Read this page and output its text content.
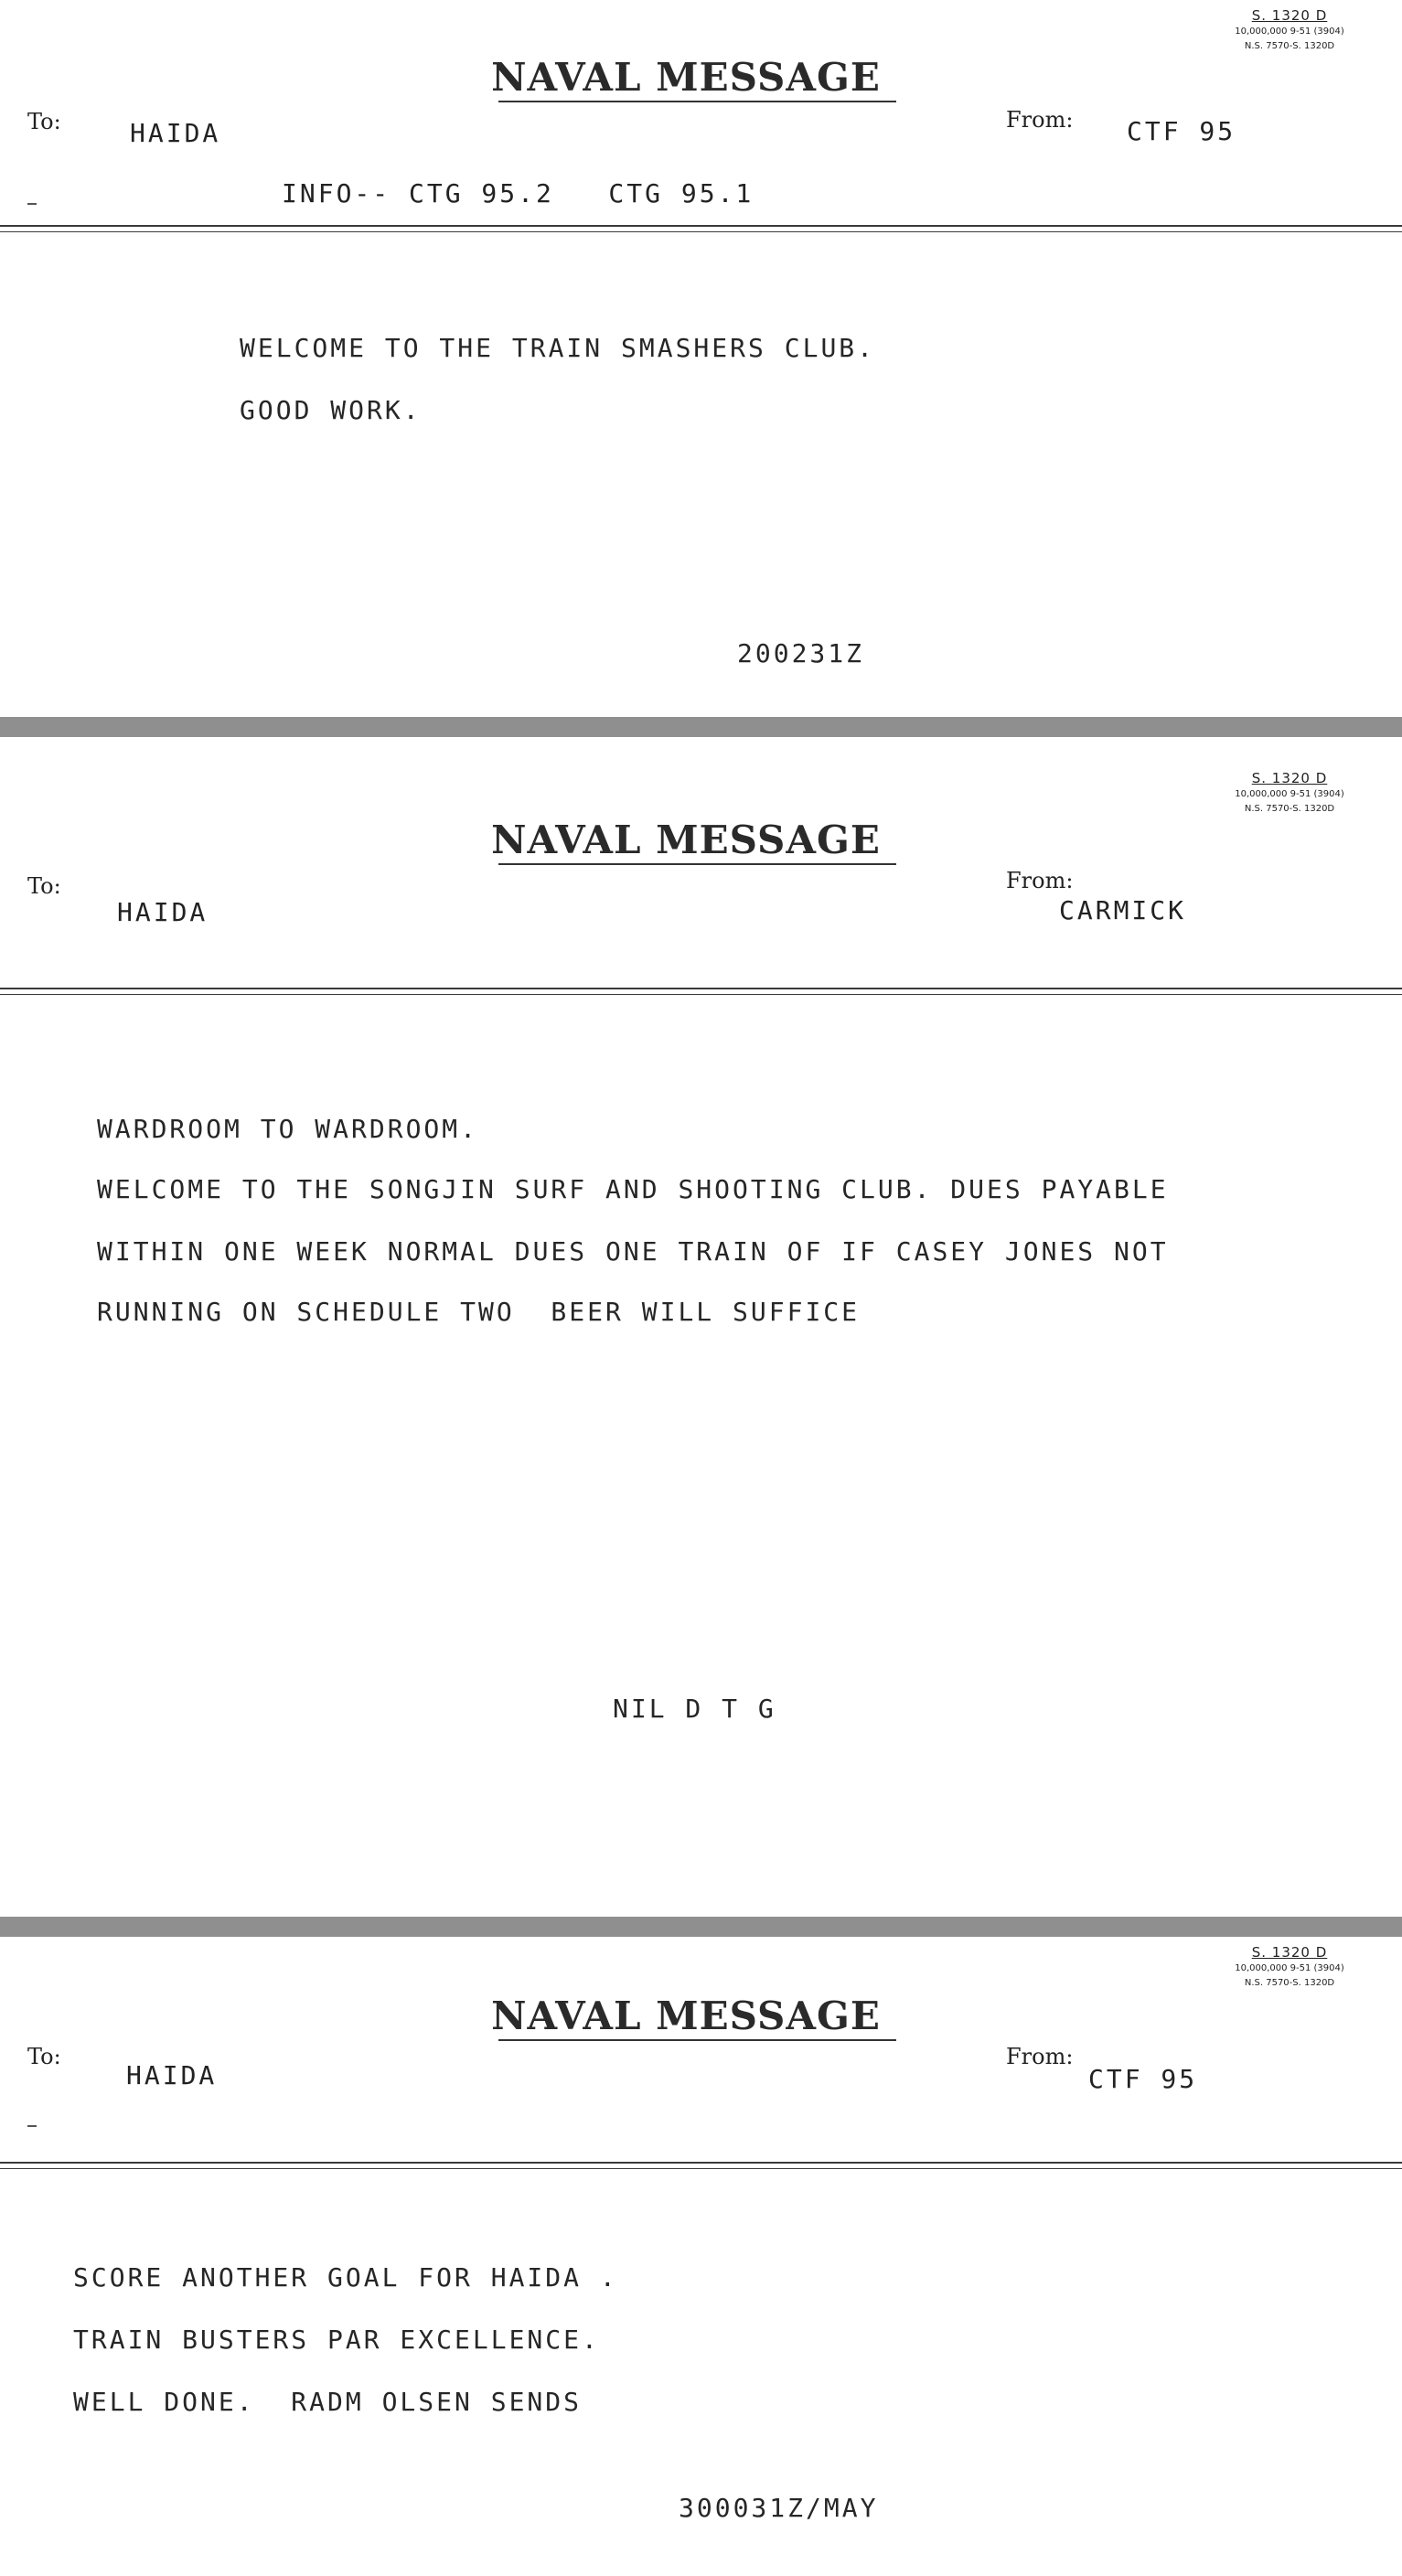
S. 1320 D
10,000,000 9-51 (3904)
N.S. 7570-S. 1320D
NAVAL MESSAGE
To:	HAIDA	From: CTF 95
INFO-- CTG 95.2   CTG 95.1
WELCOME TO THE TRAIN SMASHERS CLUB.
GOOD WORK.
200231Z
S. 1320 D
10,000,000 9-51 (3904)
N.S. 7570-S. 1320D
NAVAL MESSAGE
To:
HAIDA
From:
CARMICK
WARDROOM TO WARDROOM.
WELCOME TO THE SONGJIN SURF AND SHOOTING CLUB. DUES PAYABLE
WITHIN ONE WEEK NORMAL DUES ONE TRAIN OF IF CASEY JONES NOT
RUNNING ON SCHEDULE TWO  BEER WILL SUFFICE
NIL D T G
S. 1320 D
10,000,000 9-51 (3904)
N.S. 7570-S. 1320D
NAVAL MESSAGE
To:
HAIDA
From:
CTF 95
SCORE ANOTHER GOAL FOR HAIDA .
TRAIN BUSTERS PAR EXCELLENCE.
WELL DONE.  RADM OLSEN SENDS
300031Z/MAY
